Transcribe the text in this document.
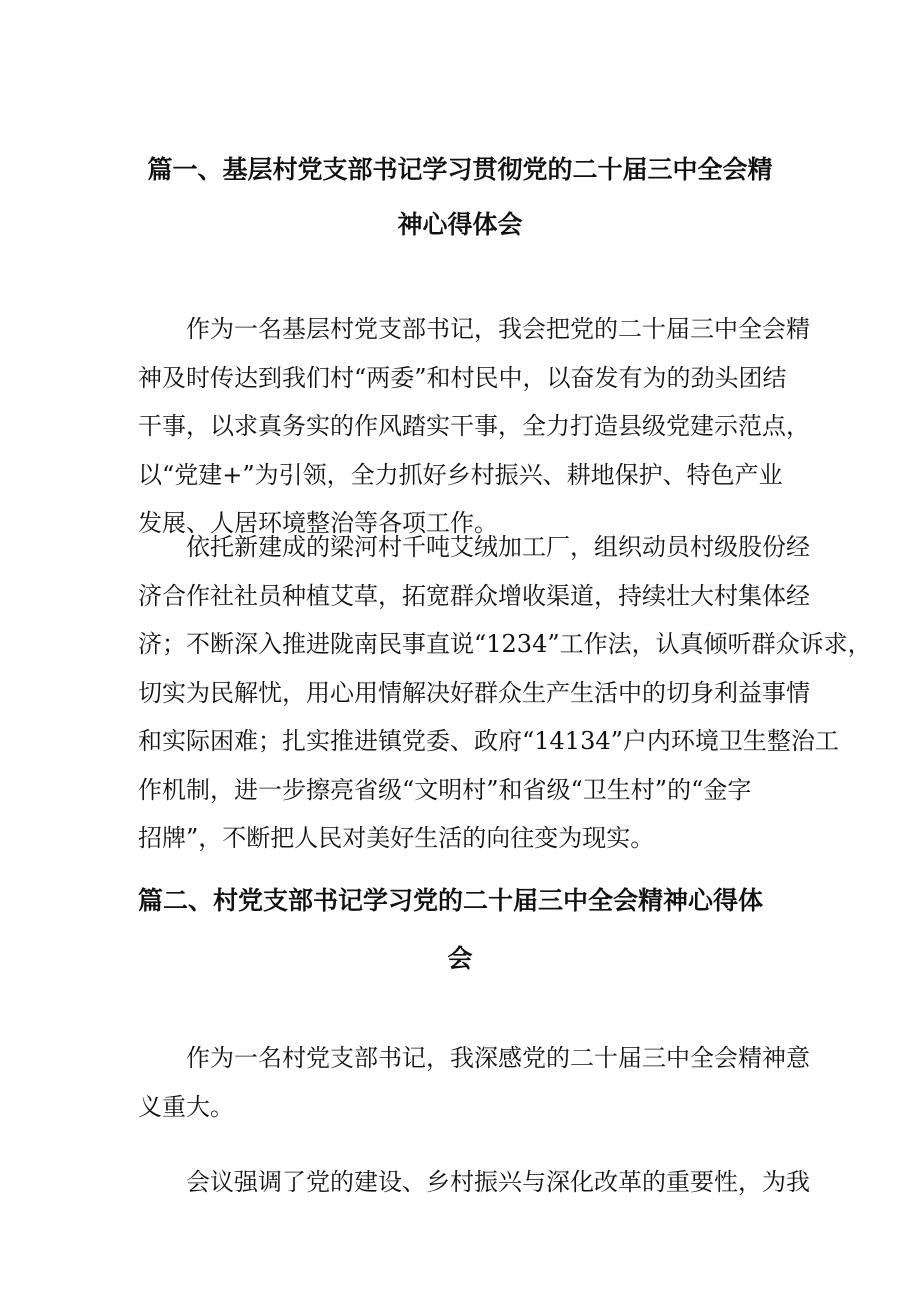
篇一、基层村党支部书记学习贯彻党的二十届三中全会精
神心得体会
作为一名基层村党支部书记，我会把党的二十届三中全会精
神及时传达到我们村“两委”和村民中，以奋发有为的劲头团结
干事，以求真务实的作风踏实干事，全力打造县级党建示范点，
以“党建+”为引领，全力抓好乡村振兴、耕地保护、特色产业
发展、人居环境整治等各项工作。
依托新建成的梁河村千吨艾绒加工厂，组织动员村级股份经
济合作社社员种植艾草，拓宽群众增收渠道，持续壮大村集体经
济；不断深入推进陇南民事直说“1234”工作法，认真倾听群众诉求，
切实为民解忧，用心用情解决好群众生产生活中的切身利益事情
和实际困难；扎实推进镇党委、政府“14134”户内环境卫生整治工
作机制，进一步擦亮省级“文明村”和省级“卫生村”的“金字
招牌”，不断把人民对美好生活的向往变为现实。
篇二、村党支部书记学习党的二十届三中全会精神心得体
会
作为一名村党支部书记，我深感党的二十届三中全会精神意
义重大。
会议强调了党的建设、乡村振兴与深化改革的重要性，为我
